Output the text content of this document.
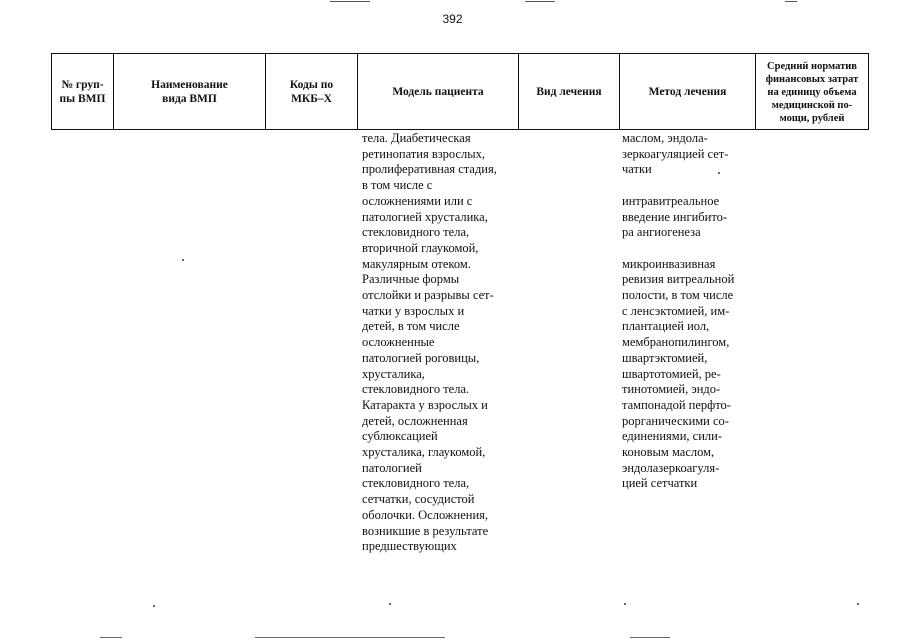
392
№ груп-
пы ВМП
Наименование
вида ВМП
Коды по
МКБ–X
Модель пациента	Вид лечения	Метод лечения
Средний норматив
финансовых затрат
на единицу объема
медицинской по-
мощи, рублей

тела. Диабетическая

ретинопатия взрослых,

пролиферативная стадия,

в том числе с

осложнениями или с

патологией хрусталика,

стекловидного тела,

вторичной глаукомой,

макулярным отеком.

Различные формы

отслойки и разрывы сет-

чатки у взрослых и

детей, в том числе

осложненные

патологией роговицы,

хрусталика,

стекловидного тела.

Катаракта у взрослых и

детей, осложненная

сублюксацией

хрусталика, глаукомой,

патологией

стекловидного тела,

сетчатки, сосудистой

оболочки. Осложнения,

возникшие в результате

предшествующих

маслом, эндола-

зеркоагуляцией сет-

чатки

интравитреальное

введение ингибито-

ра ангиогенеза

микроинвазивная

ревизия витреальной

полости, в том числе

с ленсэктомией, им-

плантацией иол,

мембранопилингом,

швартэктомией,

швартотомией, ре-

тинотомией, эндо-

тампонадой перфто-

рорганическими со-

единениями, сили-

коновым маслом,

эндолазеркоагуля-

цией сетчатки
